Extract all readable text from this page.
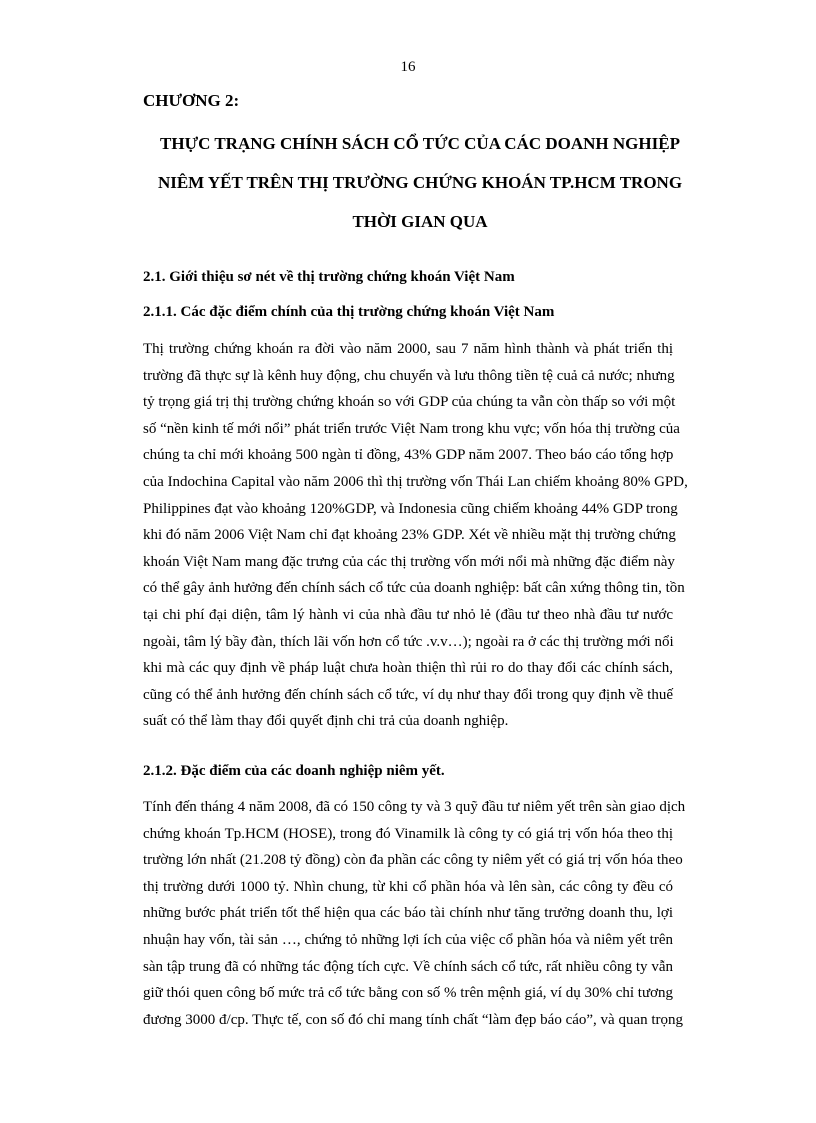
16
CHƯƠNG 2:
THỰC TRẠNG CHÍNH SÁCH CỔ TỨC CỦA CÁC DOANH NGHIỆP
NIÊM YẾT TRÊN THỊ TRƯỜNG CHỨNG KHOÁN TP.HCM TRONG
THỜI GIAN QUA
2.1. Giới thiệu sơ nét về thị trường chứng khoán Việt Nam
2.1.1. Các đặc điểm chính của thị trường chứng khoán Việt Nam
Thị trường chứng khoán ra đời vào năm 2000, sau 7 năm hình thành và phát triển thị
trường đã thực sự là kênh huy động, chu chuyển và lưu thông tiền tệ cuả cả nước; nhưng
tỷ trọng giá trị thị trường chứng khoán so với GDP của chúng ta vẫn còn thấp so với một
số “nền kinh tế mới nổi” phát triển trước Việt Nam trong khu vực; vốn hóa thị trường của
chúng ta chỉ mới khoảng 500 ngàn tỉ đồng, 43% GDP năm 2007. Theo báo cáo tổng hợp
của Indochina Capital vào năm 2006 thì thị trường vốn Thái Lan chiếm khoảng 80% GPD,
Philippines đạt vào khoảng 120%GDP, và Indonesia cũng chiếm khoảng 44% GDP trong
khi đó năm 2006 Việt Nam chỉ đạt khoảng 23% GDP. Xét về nhiều mặt thị trường chứng
khoán Việt Nam mang đặc trưng của các thị trường vốn mới nổi mà những đặc điểm này
có thể gây ảnh hưởng đến chính sách cổ tức của doanh nghiệp: bất cân xứng thông tin, tồn
tại chi phí đại diện, tâm lý hành vi của nhà đầu tư nhỏ lẻ (đầu tư theo nhà đầu tư nước
ngoài, tâm lý bầy đàn, thích lãi vốn hơn cổ tức .v.v…); ngoài ra ở các thị trường mới nổi
khi mà các quy định về pháp luật chưa hoàn thiện thì rủi ro do thay đổi các chính sách,
cũng có thể ảnh hưởng đến chính sách cổ tức, ví dụ như thay đổi trong quy định về thuế
suất có thể làm thay đổi quyết định chi trả của doanh nghiệp.
2.1.2. Đặc điểm của các doanh nghiệp niêm yết.
Tính đến tháng 4 năm 2008, đã có 150 công ty và 3 quỹ đầu tư niêm yết trên sàn giao dịch
chứng khoán Tp.HCM (HOSE), trong đó Vinamilk là công ty có giá trị vốn hóa theo thị
trường lớn nhất (21.208 tỷ đồng) còn đa phần các công ty niêm yết có giá trị vốn hóa theo
thị trường dưới 1000 tỷ. Nhìn chung, từ khi cổ phần hóa và lên sàn, các công ty đều có
những bước phát triển tốt thể hiện qua các báo tài chính như tăng trưởng doanh thu, lợi
nhuận hay vốn, tài sản …, chứng tỏ những lợi ích của việc cổ phần hóa và niêm yết trên
sàn tập trung đã có những tác động tích cực. Về chính sách cổ tức, rất nhiều công ty vẫn
giữ thói quen công bố mức trả cổ tức bằng con số % trên mệnh giá, ví dụ 30% chỉ tương
đương 3000 đ/cp. Thực tế, con số đó chỉ mang tính chất “làm đẹp báo cáo”, và quan trọng
